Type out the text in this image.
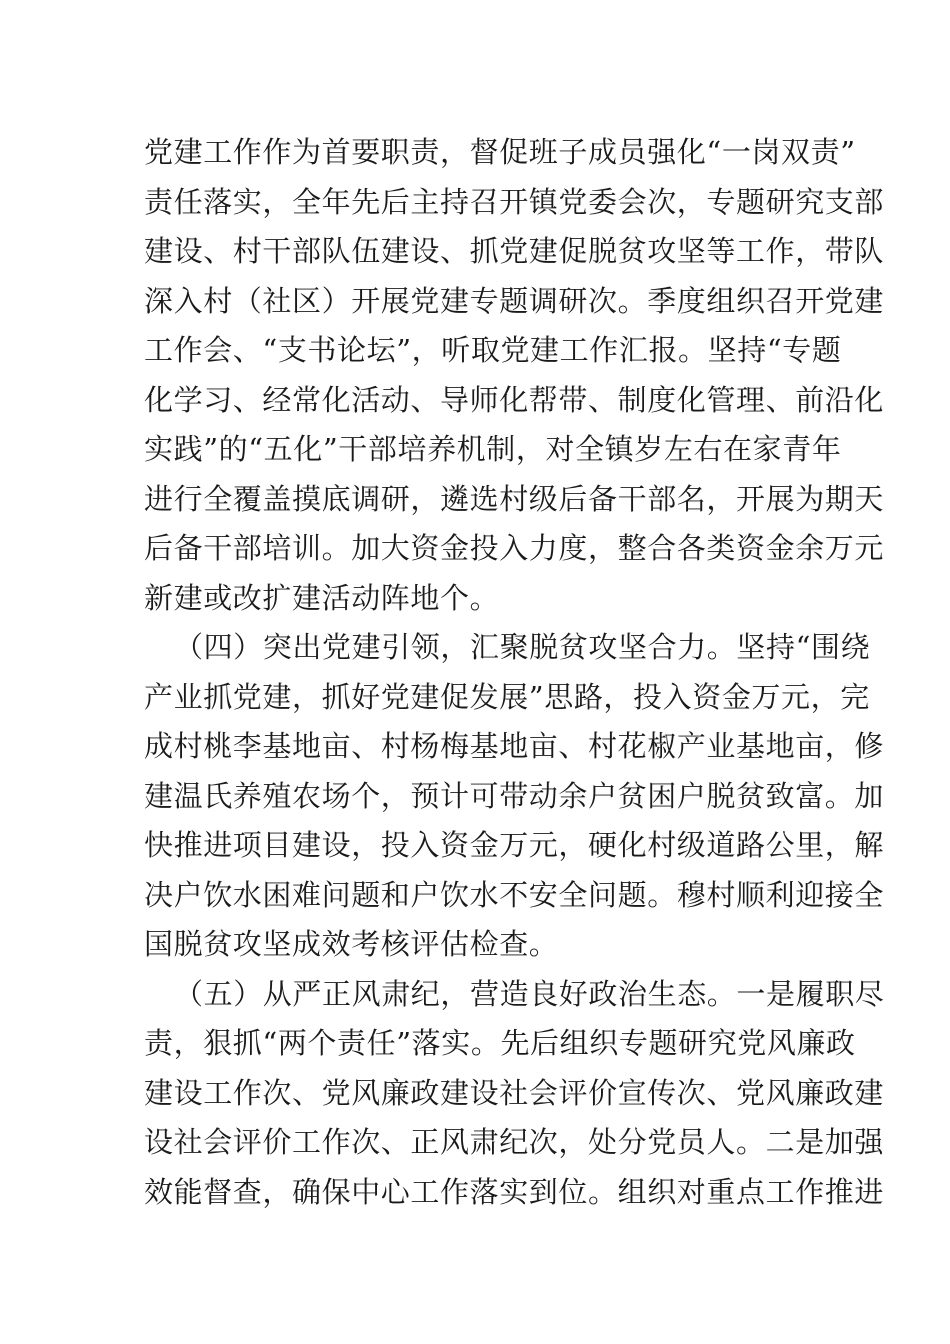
党建工作作为首要职责，督促班子成员强化“一岗双责”
责任落实，全年先后主持召开镇党委会次，专题研究支部
建设、村干部队伍建设、抓党建促脱贫攻坚等工作，带队
深入村（社区）开展党建专题调研次。季度组织召开党建
工作会、“支书论坛”，听取党建工作汇报。坚持“专题
化学习、经常化活动、导师化帮带、制度化管理、前沿化
实践”的“五化”干部培养机制，对全镇岁左右在家青年
进行全覆盖摸底调研，遴选村级后备干部名，开展为期天
后备干部培训。加大资金投入力度，整合各类资金余万元
新建或改扩建活动阵地个。
（四）突出党建引领，汇聚脱贫攻坚合力。坚持“围绕
产业抓党建，抓好党建促发展”思路，投入资金万元，完
成村桃李基地亩、村杨梅基地亩、村花椒产业基地亩，修
建温氏养殖农场个，预计可带动余户贫困户脱贫致富。加
快推进项目建设，投入资金万元，硬化村级道路公里，解
决户饮水困难问题和户饮水不安全问题。穆村顺利迎接全
国脱贫攻坚成效考核评估检查。
（五）从严正风肃纪，营造良好政治生态。一是履职尽
责，狠抓“两个责任”落实。先后组织专题研究党风廉政
建设工作次、党风廉政建设社会评价宣传次、党风廉政建
设社会评价工作次、正风肃纪次，处分党员人。二是加强
效能督查，确保中心工作落实到位。组织对重点工作推进
